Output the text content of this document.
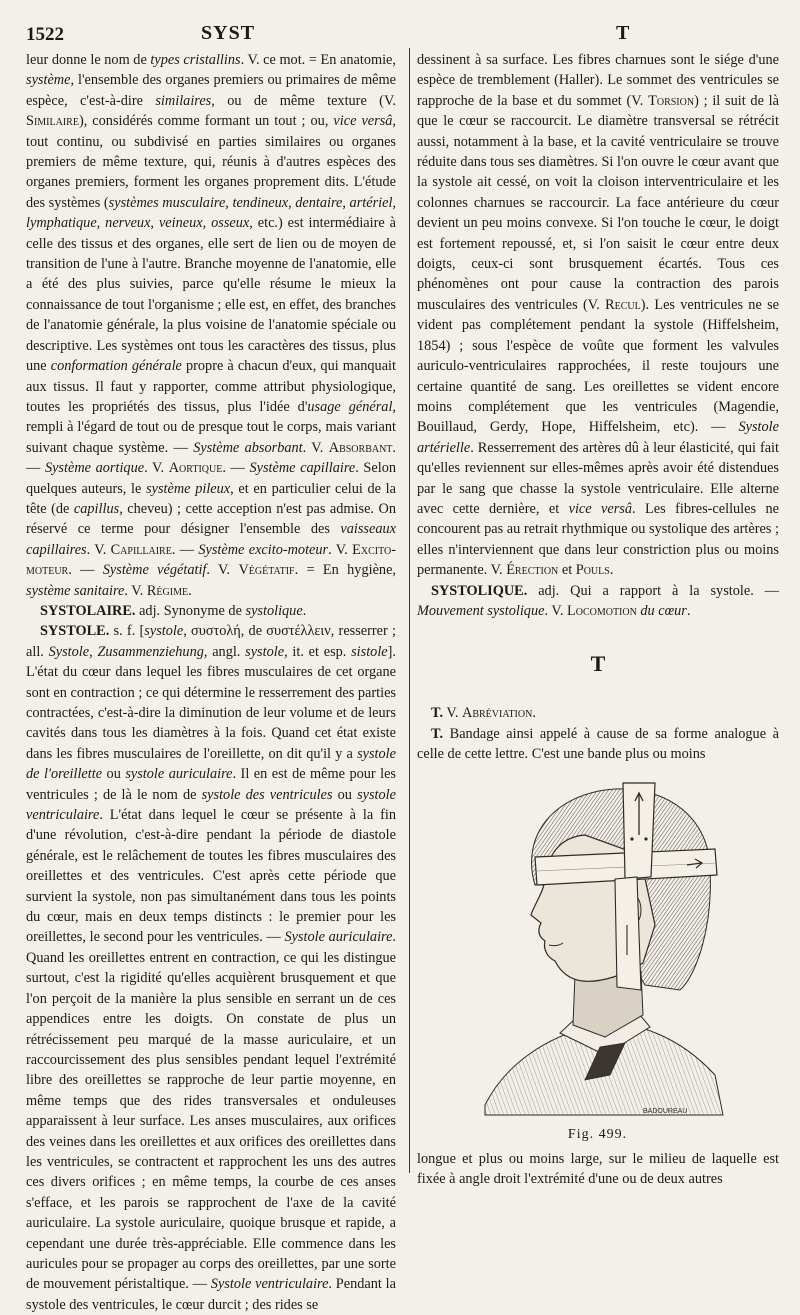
1522	SYST	T

leur donne le nom de types cristallins. V. ce mot. = En anatomie, système, l'ensemble des organes premiers ou primaires de même espèce, c'est-à-dire similaires, ou de même texture (V. Similaire), considérés comme formant un tout ; ou, vice versâ, tout continu, ou subdivisé en parties similaires ou organes premiers de même texture, qui, réunis à d'autres espèces des organes premiers, forment les organes proprement dits. L'étude des systèmes (systèmes musculaire, tendineux, dentaire, artériel, lymphatique, nerveux, veineux, osseux, etc.) est intermédiaire à celle des tissus et des organes, elle sert de lien ou de moyen de transition de l'une à l'autre. Branche moyenne de l'anatomie, elle a été des plus suivies, parce qu'elle résume le mieux la connaissance de tout l'organisme ; elle est, en effet, des branches de l'anatomie générale, la plus voisine de l'anatomie spéciale ou descriptive. Les systèmes ont tous les caractères des tissus, plus une conformation générale propre à chacun d'eux, qui manquait aux tissus. Il faut y rapporter, comme attribut physiologique, toutes les propriétés des tissus, plus l'idée d'usage général, rempli à l'égard de tout ou de presque tout le corps, mais variant suivant chaque système. — Système absorbant. V. Absorbant. — Système aortique. V. Aortique. — Système capillaire. Selon quelques auteurs, le système pileux, et en particulier celui de la tête (de capillus, cheveu) ; cette acception n'est pas admise. On réservé ce terme pour désigner l'ensemble des vaisseaux capillaires. V. Capillaire. — Système excito-moteur. V. Excito-moteur. — Système végétatif. V. Végétatif. = En hygiène, système sanitaire. V. Régime.

SYSTOLAIRE. adj. Synonyme de systolique.

SYSTOLE. s. f. [systole, συστολή, de συστέλλειν, resserrer ; all. Systole, Zusammenziehung, angl. systole, it. et esp. sistole]. L'état du cœur dans lequel les fibres musculaires de cet organe sont en contraction ; ce qui détermine le resserrement des parties contractées, c'est-à-dire la diminution de leur volume et de leurs cavités dans tous les diamètres à la fois. Quand cet état existe dans les fibres musculaires de l'oreillette, on dit qu'il y a systole de l'oreillette ou systole auriculaire. Il en est de même pour les ventricules ; de là le nom de systole des ventricules ou systole ventriculaire. L'état dans lequel le cœur se présente à la fin d'une révolution, c'est-à-dire pendant la période de diastole générale, est le relâchement de toutes les fibres musculaires des oreillettes et des ventricules. C'est après cette période que survient la systole, non pas simultanément dans tous les points du cœur, mais en deux temps distincts : le premier pour les oreillettes, le second pour les ventricules. — Systole auriculaire. Quand les oreillettes entrent en contraction, ce qui les distingue surtout, c'est la rigidité qu'elles acquièrent brusquement et que l'on perçoit de la manière la plus sensible en serrant un de ces appendices entre les doigts. On constate de plus un rétrécissement peu marqué de la masse auriculaire, et un raccourcissement des plus sensibles pendant lequel l'extrémité libre des oreillettes se rapproche de leur partie moyenne, en même temps que des rides transversales et onduleuses apparaissent à leur surface. Les anses musculaires, aux orifices des veines dans les oreillettes et aux orifices des oreillettes dans les ventricules, se contractent et rapprochent les uns des autres ces divers orifices ; en même temps, la courbe de ces anses s'efface, et les parois se rapprochent de l'axe de la cavité auriculaire. La systole auriculaire, quoique brusque et rapide, a cependant une durée très-appréciable. Elle commence dans les auricules pour se propager au corps des oreillettes, par une sorte de mouvement péristaltique. — Systole ventriculaire. Pendant la systole des ventricules, le cœur durcit ; des rides se

dessinent à sa surface. Les fibres charnues sont le siége d'une espèce de tremblement (Haller). Le sommet des ventricules se rapproche de la base et du sommet (V. Torsion) ; il suit de là que le cœur se raccourcit. Le diamètre transversal se rétrécit aussi, notamment à la base, et la cavité ventriculaire se trouve réduite dans tous ses diamètres. Si l'on ouvre le cœur avant que la systole ait cessé, on voit la cloison interventriculaire et les colonnes charnues se raccourcir. La face antérieure du cœur devient un peu moins convexe. Si l'on touche le cœur, le doigt est fortement repoussé, et, si l'on saisit le cœur entre deux doigts, ceux-ci sont brusquement écartés. Tous ces phénomènes ont pour cause la contraction des parois musculaires des ventricules (V. Recul). Les ventricules ne se vident pas complétement pendant la systole (Hiffelsheim, 1854) ; sous l'espèce de voûte que forment les valvules auriculo-ventriculaires rapprochées, il reste toujours une certaine quantité de sang. Les oreillettes se vident encore moins complétement que les ventricules (Magendie, Bouillaud, Gerdy, Hope, Hiffelsheim, etc). — Systole artérielle. Resserrement des artères dû à leur élasticité, qui fait qu'elles reviennent sur elles-mêmes après avoir été distendues par le sang que chasse la systole ventriculaire. Elle alterne avec cette dernière, et vice versâ. Les fibres-cellules ne concourent pas au retrait rhythmique ou systolique des artères ; elles n'interviennent que dans leur constriction plus ou moins permanente. V. Érection et Pouls.

SYSTOLIQUE. adj. Qui a rapport à la systole. — Mouvement systolique. V. Locomotion du cœur.

T

T. V. Abréviation.

T. Bandage ainsi appelé à cause de sa forme analogue à celle de cette lettre. C'est une bande plus ou moins

BADOUREAU
Fig. 499.

longue et plus ou moins large, sur le milieu de laquelle est fixée à angle droit l'extrémité d'une ou de deux autres
